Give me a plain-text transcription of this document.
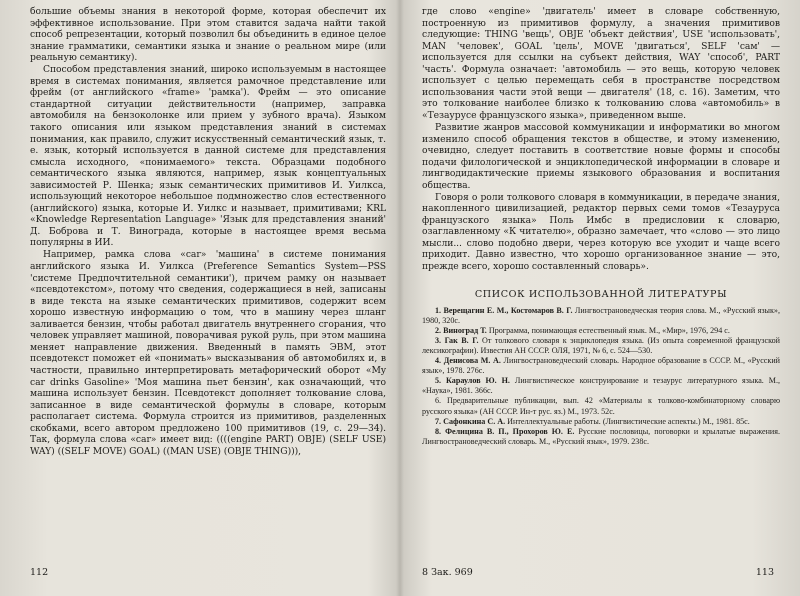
большие объемы знания в некоторой форме, которая обеспечит их эффективное использование. При этом ставится задача найти такой способ репрезентации, который позволил бы объединить в единое целое знание грамматики, семантики языка и знание о реальном мире (или реальную семантику).

Способом представления знаний, широко используемым в настоящее время в системах понимания, является рамочное представление или фрейм (от английского «frame» 'рамка'). Фрейм — это описание стандартной ситуации действительности (например, заправка автомобиля на бензоколонке или прием у зубного врача). Языком такого описания или языком представления знаний в системах понимания, как правило, служит искусственный семантический язык, т. е. язык, который используется в данной системе для представления смысла исходного, «понимаемого» текста. Образцами подобного семантического языка являются, например, язык концептуальных зависимостей Р. Шенка; язык семантических примитивов И. Уилкса, использующий некоторое небольшое подмножество слов естественного (английского) языка, которые И. Уилкс и называет, примитивами; KRL «Knowledge Representation Language» 'Язык для представления знаний' Д. Боброва и Т. Винограда, которые в настоящее время весьма популярны в ИИ.

Например, рамка слова «car» 'машина' в системе понимания английского языка И. Уилкса (Preference Semantics System—PSS 'системе Предпочтительной семантики'), причем рамку он называет «псевдотекстом», потому что сведения, содержащиеся в ней, записаны в виде текста на языке семантических примитивов, содержит всем хорошо известную информацию о том, что в машину через шланг заливается бензин, чтобы работал двигатель внутреннего сгорания, что человек управляет машиной, поворачивая рукой руль, при этом машина меняет направление движения. Введенный в память ЭВМ, этот псевдотекст поможет ей «понимать» высказывания об автомобилях и, в частности, правильно интерпретировать метафорический оборот «My car drinks Gasoline» 'Моя машина пьет бензин', как означающий, что машина использует бензин. Псевдотекст дополняет толкование слова, записанное в виде семантической формулы в словаре, которым располагает система. Формула строится из примитивов, разделенных скобками, всего автором предложено 100 примитивов (19, с. 29—34). Так, формула слова «car» имеет вид: ((((engine PART) OBJE) (SELF USE) WAY) ((SELF MOVE) GOAL) ((MAN USE) (OBJE THING))),

112

где слово «engine» 'двигатель' имеет в словаре собственную, построенную из примитивов формулу, а значения примитивов следующие: THING 'вещь', OBJE 'объект действия', USE 'использовать', MAN 'человек', GOAL 'цель', MOVE 'двигаться', SELF 'сам' — используется для ссылки на субъект действия, WAY 'способ', PART 'часть'. Формула означает: 'автомобиль — это вещь, которую человек использует с целью перемещать себя в пространстве посредством использования части этой вещи — двигателя' (18, с. 16). Заметим, что это толкование наиболее близко к толкованию слова «автомобиль» в «Тезаурусе французского языка», приведенном выше.

Развитие жанров массовой коммуникации и информатики во многом изменило способ обращения текстов в обществе, и этому изменению, очевидно, следует поставить в соответствие новые формы и способы подачи филологической и энциклопедической информации в словаре и лингводидактические приемы языкового образования и воспитания общества.

Говоря о роли толкового словаря в коммуникации, в передаче знания, накопленного цивилизацией, редактор первых семи томов «Тезауруса французского языка» Поль Имбс в предисловии к словарю, озаглавленному «К читателю», образно замечает, что «слово — это лицо мысли... слово подобно двери, через которую все уходит и чаще всего приходит. Давно известно, что хорошо организованное знание — это, прежде всего, хорошо составленный словарь».

СПИСОК ИСПОЛЬЗОВАННОЙ ЛИТЕРАТУРЫ

1. Верещагин Е. М., Костомаров В. Г. Лингвострановедческая теория слова. М., «Русский язык», 1980, 320с.

2. Виноград Т. Программа, понимающая естественный язык. М., «Мир», 1976, 294 с.

3. Гак В. Г. От толкового словаря к энциклопедия языка. (Из опыта современной французской лексикографии). Известия АН СССР. ОЛЯ, 1971, № 6, с. 524—530.

4. Денисова М. А. Лингвострановедческий словарь. Народное образование в СССР. М., «Русский язык», 1978. 276с.

5. Караулов Ю. Н. Лингвистическое конструирование и тезаурус литературного языка. М., «Наука», 1981. 366с.

6. Предварительные публикации, вып. 42 «Материалы к толково-комбинаторному словарю русского языка» (АН СССР. Ин-т рус. яз.) М., 1973. 52с.

7. Сафонкина С. А. Интеллектуальные работы. (Лингвистические аспекты.) М., 1981. 85с.

8. Фелицина В. П., Прохоров Ю. Е. Русские пословицы, поговорки и крылатые выражения. Лингвострановедческий словарь. М., «Русский язык», 1979. 238с.

8 Зак. 969	113
